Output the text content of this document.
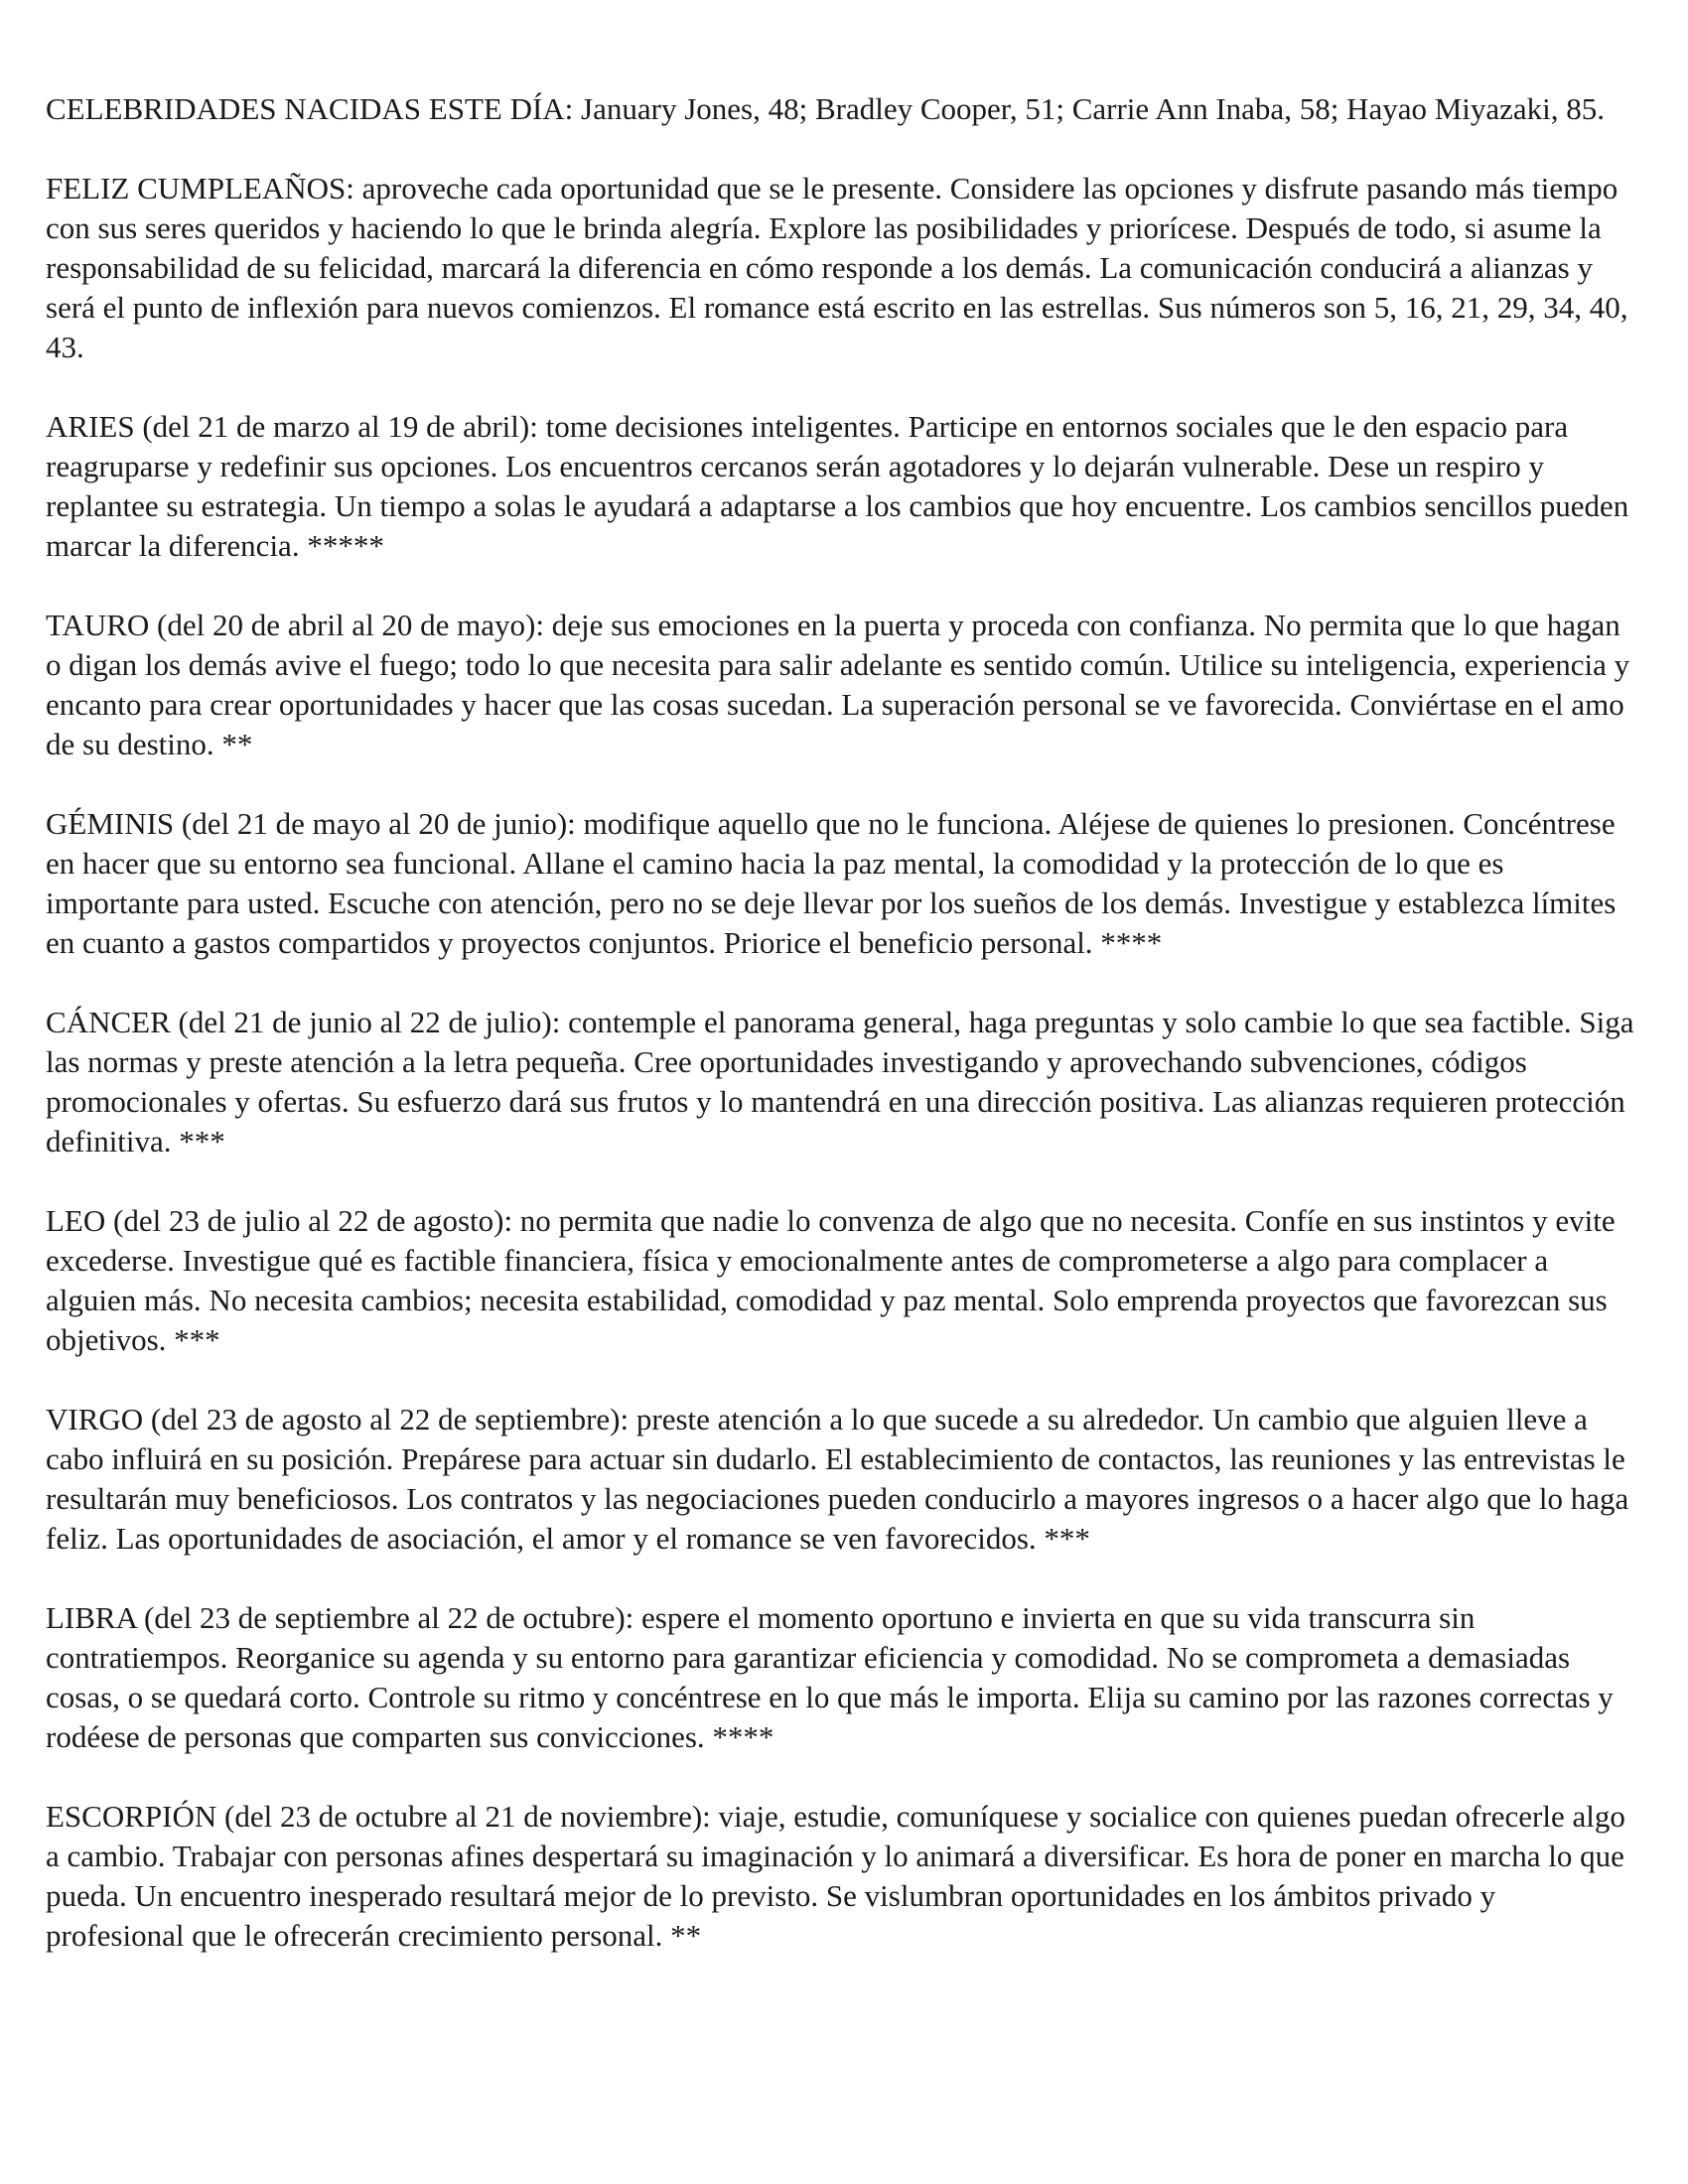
CELEBRIDADES NACIDAS ESTE DÍA: January Jones, 48; Bradley Cooper, 51; Carrie Ann Inaba, 58; Hayao Miyazaki, 85.

FELIZ CUMPLEAÑOS: aproveche cada oportunidad que se le presente. Considere las opciones y disfrute pasando más tiempo con sus seres queridos y haciendo lo que le brinda alegría. Explore las posibilidades y priorícese. Después de todo, si asume la responsabilidad de su felicidad, marcará la diferencia en cómo responde a los demás. La comunicación conducirá a alianzas y será el punto de inflexión para nuevos comienzos. El romance está escrito en las estrellas. Sus números son 5, 16, 21, 29, 34, 40, 43.

ARIES (del 21 de marzo al 19 de abril): tome decisiones inteligentes. Participe en entornos sociales que le den espacio para reagruparse y redefinir sus opciones. Los encuentros cercanos serán agotadores y lo dejarán vulnerable. Dese un respiro y replantee su estrategia. Un tiempo a solas le ayudará a adaptarse a los cambios que hoy encuentre. Los cambios sencillos pueden marcar la diferencia. *****

TAURO (del 20 de abril al 20 de mayo): deje sus emociones en la puerta y proceda con confianza. No permita que lo que hagan o digan los demás avive el fuego; todo lo que necesita para salir adelante es sentido común. Utilice su inteligencia, experiencia y encanto para crear oportunidades y hacer que las cosas sucedan. La superación personal se ve favorecida. Conviértase en el amo de su destino. **

GÉMINIS (del 21 de mayo al 20 de junio): modifique aquello que no le funciona. Aléjese de quienes lo presionen. Concéntrese en hacer que su entorno sea funcional. Allane el camino hacia la paz mental, la comodidad y la protección de lo que es importante para usted. Escuche con atención, pero no se deje llevar por los sueños de los demás. Investigue y establezca límites en cuanto a gastos compartidos y proyectos conjuntos. Priorice el beneficio personal. ****

CÁNCER (del 21 de junio al 22 de julio): contemple el panorama general, haga preguntas y solo cambie lo que sea factible. Siga las normas y preste atención a la letra pequeña. Cree oportunidades investigando y aprovechando subvenciones, códigos promocionales y ofertas. Su esfuerzo dará sus frutos y lo mantendrá en una dirección positiva. Las alianzas requieren protección definitiva. ***

LEO (del 23 de julio al 22 de agosto): no permita que nadie lo convenza de algo que no necesita. Confíe en sus instintos y evite excederse. Investigue qué es factible financiera, física y emocionalmente antes de comprometerse a algo para complacer a alguien más. No necesita cambios; necesita estabilidad, comodidad y paz mental. Solo emprenda proyectos que favorezcan sus objetivos. ***

VIRGO (del 23 de agosto al 22 de septiembre): preste atención a lo que sucede a su alrededor. Un cambio que alguien lleve a cabo influirá en su posición. Prepárese para actuar sin dudarlo. El establecimiento de contactos, las reuniones y las entrevistas le resultarán muy beneficiosos. Los contratos y las negociaciones pueden conducirlo a mayores ingresos o a hacer algo que lo haga feliz. Las oportunidades de asociación, el amor y el romance se ven favorecidos. ***

LIBRA (del 23 de septiembre al 22 de octubre): espere el momento oportuno e invierta en que su vida transcurra sin contratiempos. Reorganice su agenda y su entorno para garantizar eficiencia y comodidad. No se comprometa a demasiadas cosas, o se quedará corto. Controle su ritmo y concéntrese en lo que más le importa. Elija su camino por las razones correctas y rodéese de personas que comparten sus convicciones. ****

ESCORPIÓN (del 23 de octubre al 21 de noviembre): viaje, estudie, comuníquese y socialice con quienes puedan ofrecerle algo a cambio. Trabajar con personas afines despertará su imaginación y lo animará a diversificar. Es hora de poner en marcha lo que pueda. Un encuentro inesperado resultará mejor de lo previsto. Se vislumbran oportunidades en los ámbitos privado y profesional que le ofrecerán crecimiento personal. **
